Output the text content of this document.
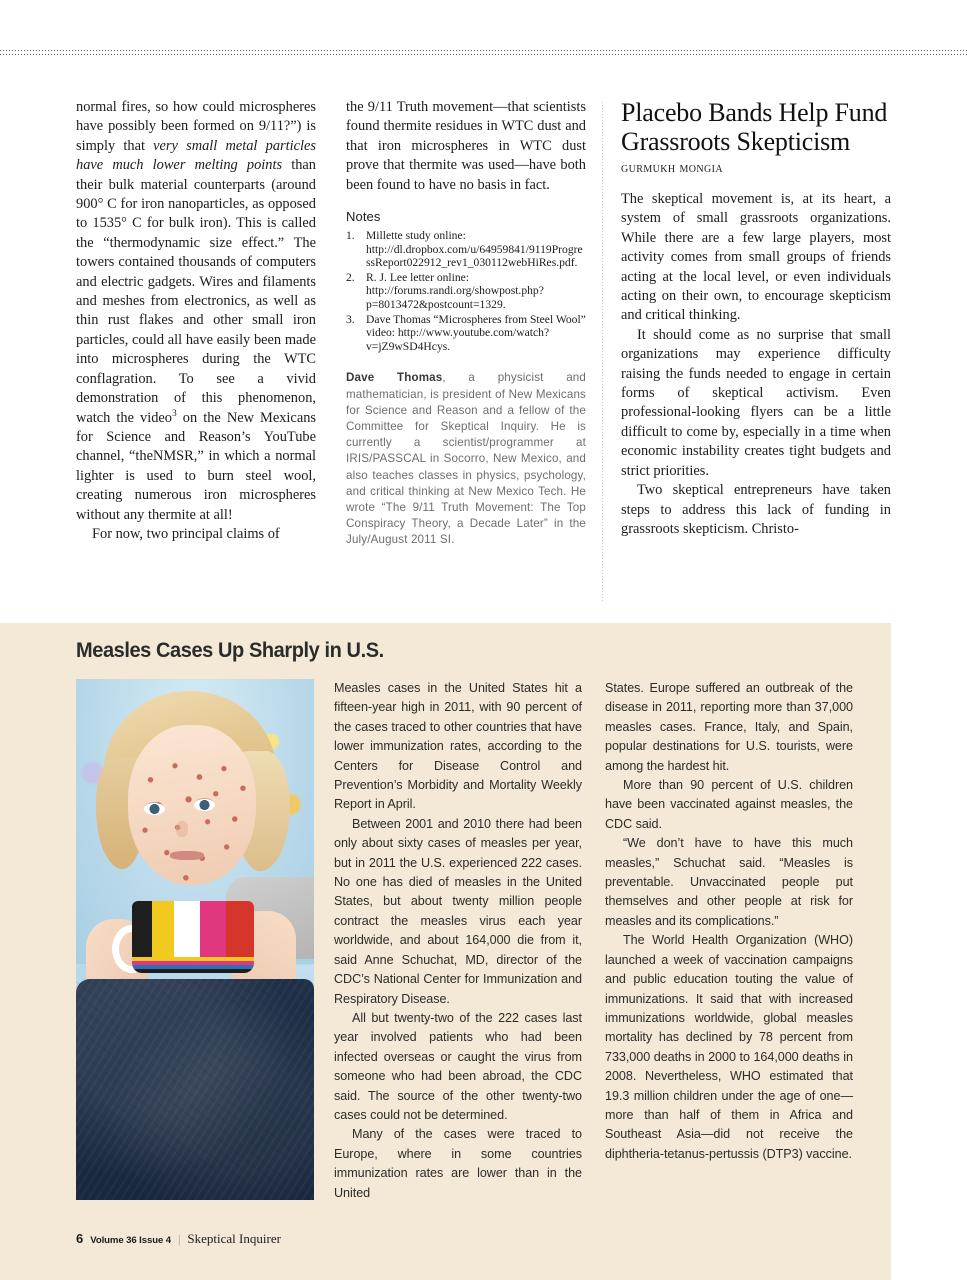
normal fires, so how could microspheres have possibly been formed on 9/11?”) is simply that very small metal particles have much lower melting points than their bulk material counterparts (around 900° C for iron nanoparticles, as opposed to 1535° C for bulk iron). This is called the “thermodynamic size effect.” The towers contained thousands of computers and electric gadgets. Wires and filaments and meshes from electronics, as well as thin rust flakes and other small iron particles, could all have easily been made into microspheres during the WTC conflagration. To see a vivid demonstration of this phenomenon, watch the video$^3$ on the New Mexicans for Science and Reason’s YouTube channel, “theNMSR,” in which a normal lighter is used to burn steel wool, creating numerous iron microspheres without any thermite at all!

For now, two principal claims of

the 9/11 Truth movement—that scientists found thermite residues in WTC dust and that iron microspheres in WTC dust prove that thermite was used—have both been found to have no basis in fact.

Notes
1. Millette study online: http://dl.dropbox.com/u/64959841/9119ProgressReport022912_rev1_030112webHiRes.pdf.
2. R. J. Lee letter online: http://forums.randi.org/showpost.php?p=8013472&postcount=1329.
3. Dave Thomas “Microspheres from Steel Wool” video: http://www.youtube.com/watch?v=jZ9wSD4Hcys.

Dave Thomas, a physicist and mathematician, is president of New Mexicans for Science and Reason and a fellow of the Committee for Skeptical Inquiry. He is currently a scientist/programmer at IRIS/PASSCAL in Socorro, New Mexico, and also teaches classes in physics, psychology, and critical thinking at New Mexico Tech. He wrote “The 9/11 Truth Movement: The Top Conspiracy Theory, a Decade Later” in the July/August 2011 SI.

Placebo Bands Help Fund Grassroots Skepticism
gurmukh mongia

The skeptical movement is, at its heart, a system of small grassroots organizations. While there are a few large players, most activity comes from small groups of friends acting at the local level, or even individuals acting on their own, to encourage skepticism and critical thinking.

It should come as no surprise that small organizations may experience difficulty raising the funds needed to engage in certain forms of skeptical activism. Even professional-looking flyers can be a little difficult to come by, especially in a time when economic instability creates tight budgets and strict priorities.

Two skeptical entrepreneurs have taken steps to address this lack of funding in grassroots skepticism. Christo-

Measles Cases Up Sharply in U.S.

Measles cases in the United States hit a fifteen-year high in 2011, with 90 percent of the cases traced to other countries that have lower immunization rates, according to the Centers for Disease Control and Prevention’s Morbidity and Mortality Weekly Report in April.

Between 2001 and 2010 there had been only about sixty cases of measles per year, but in 2011 the U.S. experienced 222 cases. No one has died of measles in the United States, but about twenty million people contract the measles virus each year worldwide, and about 164,000 die from it, said Anne Schuchat, MD, director of the CDC’s National Center for Immunization and Respiratory Disease.

All but twenty-two of the 222 cases last year involved patients who had been infected overseas or caught the virus from someone who had been abroad, the CDC said. The source of the other twenty-two cases could not be determined.

Many of the cases were traced to Europe, where in some countries immunization rates are lower than in the United

States. Europe suffered an outbreak of the disease in 2011, reporting more than 37,000 measles cases. France, Italy, and Spain, popular destinations for U.S. tourists, were among the hardest hit.

More than 90 percent of U.S. children have been vaccinated against measles, the CDC said.

“We don’t have to have this much measles,” Schuchat said. “Measles is preventable. Unvaccinated people put themselves and other people at risk for measles and its complications.”

The World Health Organization (WHO) launched a week of vaccination campaigns and public education touting the value of immunizations. It said that with increased immunizations worldwide, global measles mortality has declined by 78 percent from 733,000 deaths in 2000 to 164,000 deaths in 2008. Nevertheless, WHO estimated that 19.3 million children under the age of one—more than half of them in Africa and Southeast Asia—did not receive the diphtheria-tetanus-pertussis (DTP3) vaccine.

6 Volume 36 Issue 4 | Skeptical Inquirer
